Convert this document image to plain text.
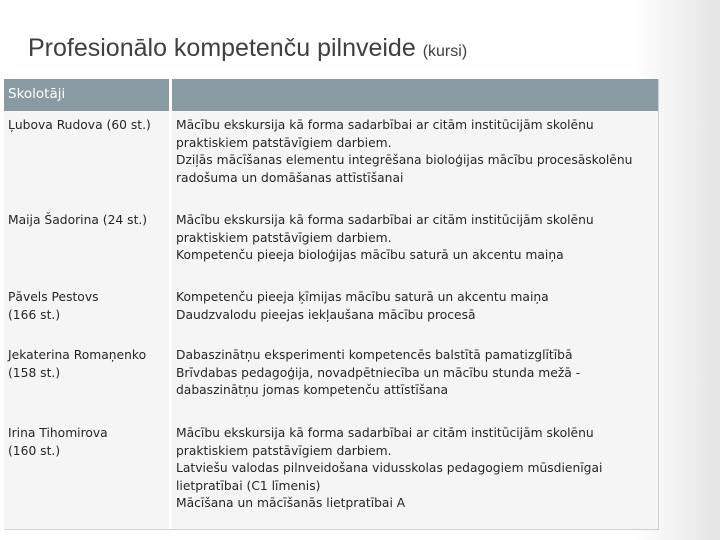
Profesionālo kompetenču pilnveide (kursi)
Skolotāji
Ļubova Rudova (60 st.)	Mācību ekskursija kā forma sadarbībai ar citām institūcijām skolēnu
praktiskiem patstāvīgiem darbiem.
Dziļās mācīšanas elementu integrēšana bioloģijas mācību procesāskolēnu
radošuma un domāšanas attīstīšanai
Maija Šadorina (24 st.)	Mācību ekskursija kā forma sadarbībai ar citām institūcijām skolēnu
praktiskiem patstāvīgiem darbiem.
Kompetenču pieeja bioloģijas mācību saturā un akcentu maiņa
Pāvels Pestovs
(166 st.)
Kompetenču pieeja ķīmijas mācību saturā un akcentu maiņa
Daudzvalodu pieejas iekļaušana mācību procesā
Jekaterina Romaņenko
(158 st.)
Dabaszinātņu eksperimenti kompetencēs balstītā pamatizglītībā
Brīvdabas pedagoģija, novadpētniecība un mācību stunda mežā -
dabaszinātņu jomas kompetenču attīstīšana
Irina Tihomirova
(160 st.)
Mācību ekskursija kā forma sadarbībai ar citām institūcijām skolēnu
praktiskiem patstāvīgiem darbiem.
Latviešu valodas pilnveidošana vidusskolas pedagogiem mūsdienīgai
lietpratībai (C1 līmenis)
Mācīšana un mācīšanās lietpratībai A
